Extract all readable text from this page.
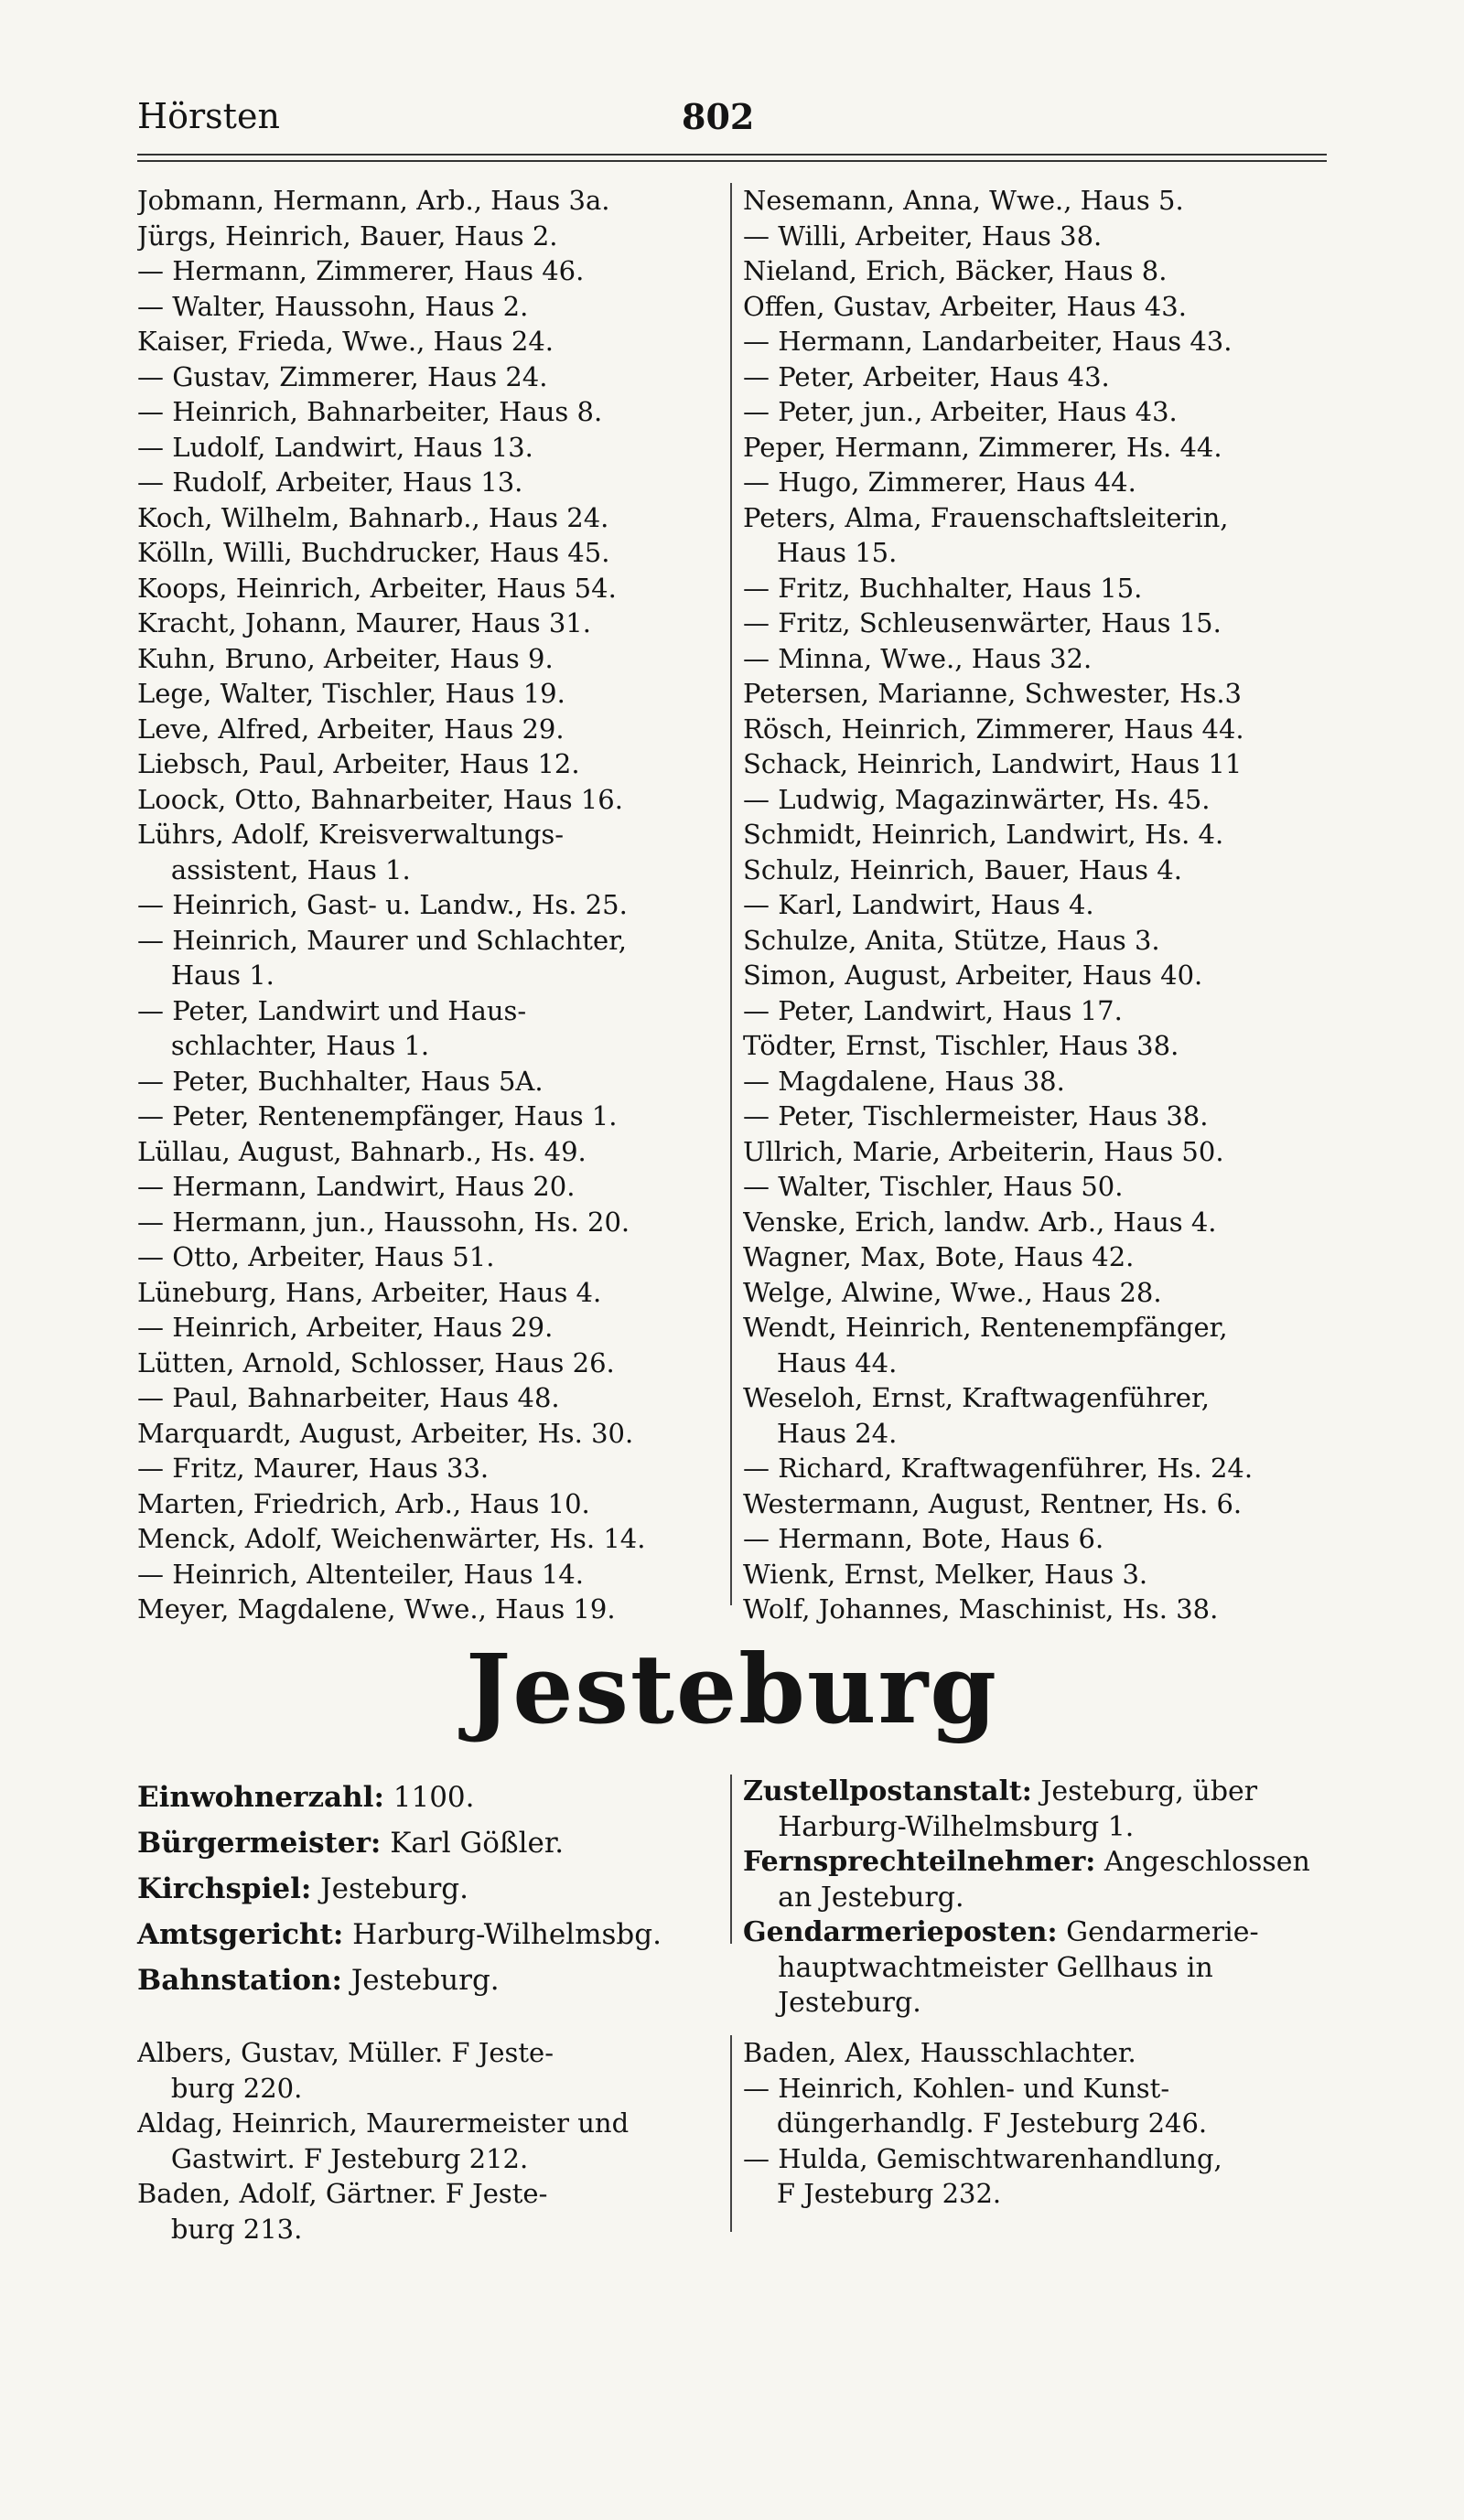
Hörsten	802
Jobmann, Hermann, Arb., Haus 3a.
Jürgs, Heinrich, Bauer, Haus 2.
— Hermann, Zimmerer, Haus 46.
— Walter, Haussohn, Haus 2.
Kaiser, Frieda, Wwe., Haus 24.
— Gustav, Zimmerer, Haus 24.
— Heinrich, Bahnarbeiter, Haus 8.
— Ludolf, Landwirt, Haus 13.
— Rudolf, Arbeiter, Haus 13.
Koch, Wilhelm, Bahnarb., Haus 24.
Kölln, Willi, Buchdrucker, Haus 45.
Koops, Heinrich, Arbeiter, Haus 54.
Kracht, Johann, Maurer, Haus 31.
Kuhn, Bruno, Arbeiter, Haus 9.
Lege, Walter, Tischler, Haus 19.
Leve, Alfred, Arbeiter, Haus 29.
Liebsch, Paul, Arbeiter, Haus 12.
Loock, Otto, Bahnarbeiter, Haus 16.
Lührs, Adolf, Kreisverwaltungs-
assistent, Haus 1.
— Heinrich, Gast- u. Landw., Hs. 25.
— Heinrich, Maurer und Schlachter,
Haus 1.
— Peter, Landwirt und Haus-
schlachter, Haus 1.
— Peter, Buchhalter, Haus 5A.
— Peter, Rentenempfänger, Haus 1.
Lüllau, August, Bahnarb., Hs. 49.
— Hermann, Landwirt, Haus 20.
— Hermann, jun., Haussohn, Hs. 20.
— Otto, Arbeiter, Haus 51.
Lüneburg, Hans, Arbeiter, Haus 4.
— Heinrich, Arbeiter, Haus 29.
Lütten, Arnold, Schlosser, Haus 26.
— Paul, Bahnarbeiter, Haus 48.
Marquardt, August, Arbeiter, Hs. 30.
— Fritz, Maurer, Haus 33.
Marten, Friedrich, Arb., Haus 10.
Menck, Adolf, Weichenwärter, Hs. 14.
— Heinrich, Altenteiler, Haus 14.
Meyer, Magdalene, Wwe., Haus 19.
Nesemann, Anna, Wwe., Haus 5.
— Willi, Arbeiter, Haus 38.
Nieland, Erich, Bäcker, Haus 8.
Offen, Gustav, Arbeiter, Haus 43.
— Hermann, Landarbeiter, Haus 43.
— Peter, Arbeiter, Haus 43.
— Peter, jun., Arbeiter, Haus 43.
Peper, Hermann, Zimmerer, Hs. 44.
— Hugo, Zimmerer, Haus 44.
Peters, Alma, Frauenschaftsleiterin,
Haus 15.
— Fritz, Buchhalter, Haus 15.
— Fritz, Schleusenwärter, Haus 15.
— Minna, Wwe., Haus 32.
Petersen, Marianne, Schwester, Hs.3
Rösch, Heinrich, Zimmerer, Haus 44.
Schack, Heinrich, Landwirt, Haus 11
— Ludwig, Magazinwärter, Hs. 45.
Schmidt, Heinrich, Landwirt, Hs. 4.
Schulz, Heinrich, Bauer, Haus 4.
— Karl, Landwirt, Haus 4.
Schulze, Anita, Stütze, Haus 3.
Simon, August, Arbeiter, Haus 40.
— Peter, Landwirt, Haus 17.
Tödter, Ernst, Tischler, Haus 38.
— Magdalene, Haus 38.
— Peter, Tischlermeister, Haus 38.
Ullrich, Marie, Arbeiterin, Haus 50.
— Walter, Tischler, Haus 50.
Venske, Erich, landw. Arb., Haus 4.
Wagner, Max, Bote, Haus 42.
Welge, Alwine, Wwe., Haus 28.
Wendt, Heinrich, Rentenempfänger,
Haus 44.
Weseloh, Ernst, Kraftwagenführer,
Haus 24.
— Richard, Kraftwagenführer, Hs. 24.
Westermann, August, Rentner, Hs. 6.
— Hermann, Bote, Haus 6.
Wienk, Ernst, Melker, Haus 3.
Wolf, Johannes, Maschinist, Hs. 38.
Jesteburg
Einwohnerzahl: 1100.
Bürgermeister: Karl Gößler.
Kirchspiel: Jesteburg.
Amtsgericht: Harburg-Wilhelmsbg.
Bahnstation: Jesteburg.
Zustellpostanstalt: Jesteburg, über
Harburg-Wilhelmsburg 1.
Fernsprechteilnehmer: Angeschlossen
an Jesteburg.
Gendarmerieposten: Gendarmerie-
hauptwachtmeister Gellhaus in
Jesteburg.
Albers, Gustav, Müller. F Jeste-
burg 220.
Aldag, Heinrich, Maurermeister und
Gastwirt. F Jesteburg 212.
Baden, Adolf, Gärtner. F Jeste-
burg 213.
Baden, Alex, Hausschlachter.
— Heinrich, Kohlen- und Kunst-
düngerhandlg. F Jesteburg 246.
— Hulda, Gemischtwarenhandlung,
F Jesteburg 232.
